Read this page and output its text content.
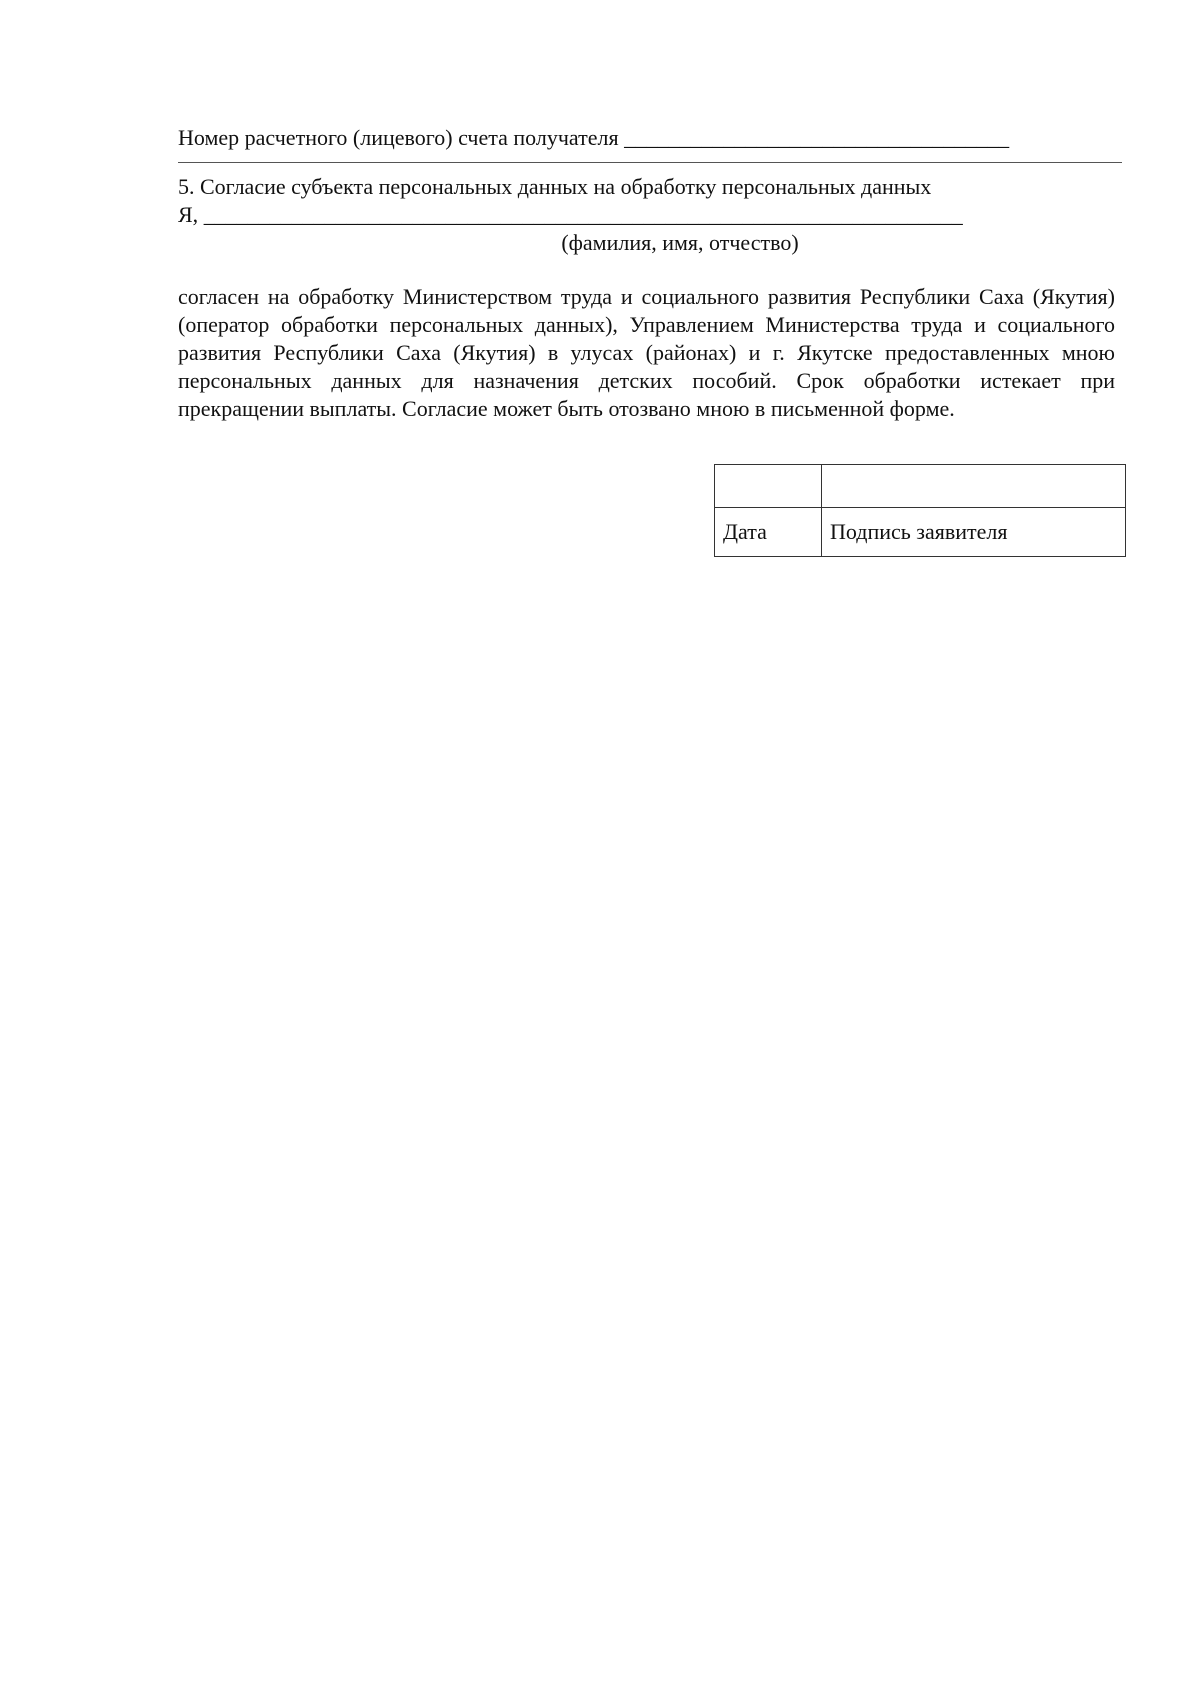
Номер расчетного (лицевого) счета получателя ___________________________________
5. Согласие субъекта персональных данных на обработку персональных данных
Я, _____________________________________________________________________
(фамилия, имя, отчество)
согласен на обработку Министерством труда и социального развития Республики Саха (Якутия) (оператор обработки персональных данных), Управлением Министерства труда и социального развития Республики Саха (Якутия) в улусах (районах) и г. Якутске предоставленных мною персональных данных для назначения детских пособий. Срок обработки истекает при прекращении выплаты. Согласие может быть отозвано мною в письменной форме.

Дата	Подпись заявителя
